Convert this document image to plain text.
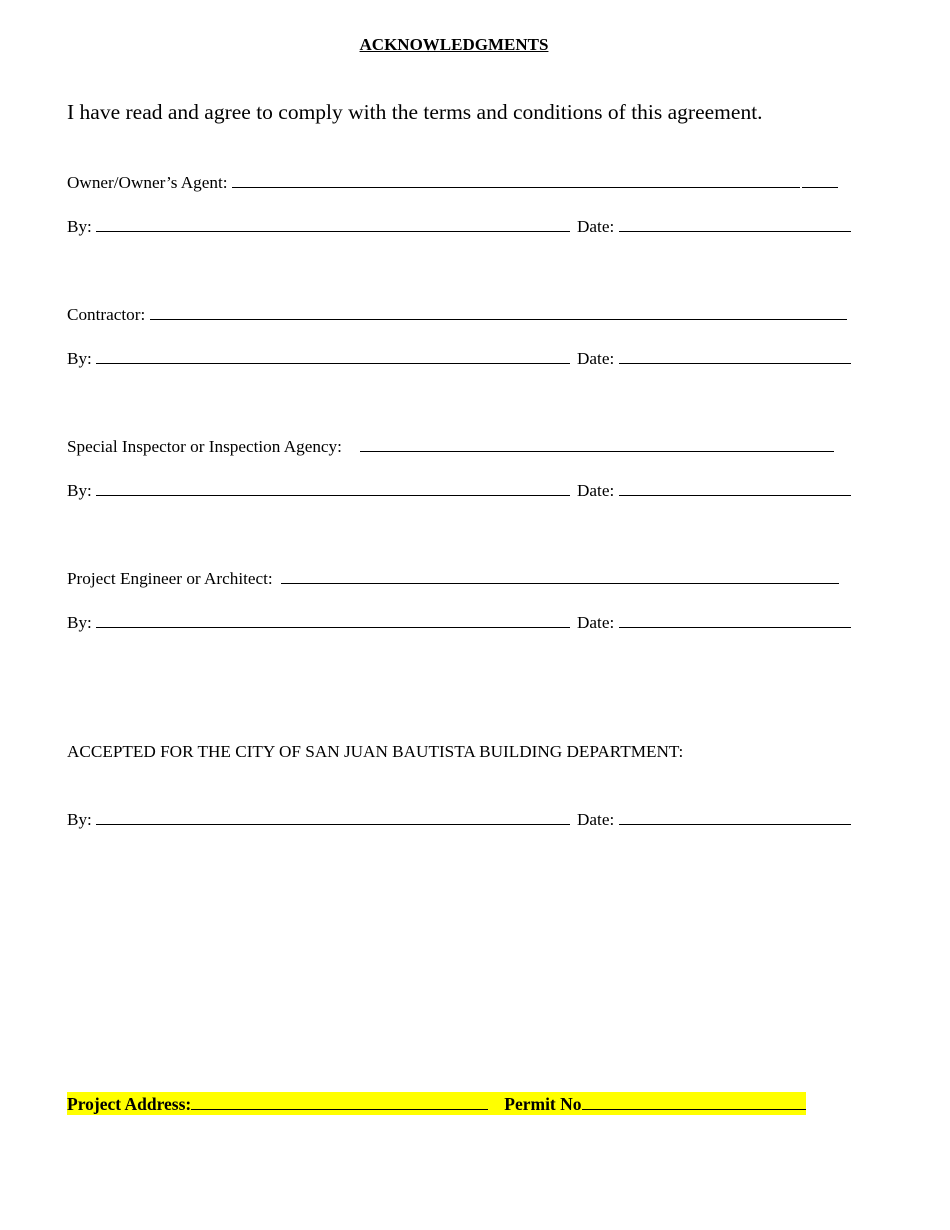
ACKNOWLEDGMENTS
I have read and agree to comply with the terms and conditions of this agreement.
Owner/Owner’s Agent:
By:	Date:
Contractor:
By:	Date:
Special Inspector or Inspection Agency:
By:	Date:
Project Engineer or Architect:
By:	Date:
ACCEPTED FOR THE CITY OF SAN JUAN BAUTISTA BUILDING DEPARTMENT:
By:	Date:
Project Address:	Permit No
